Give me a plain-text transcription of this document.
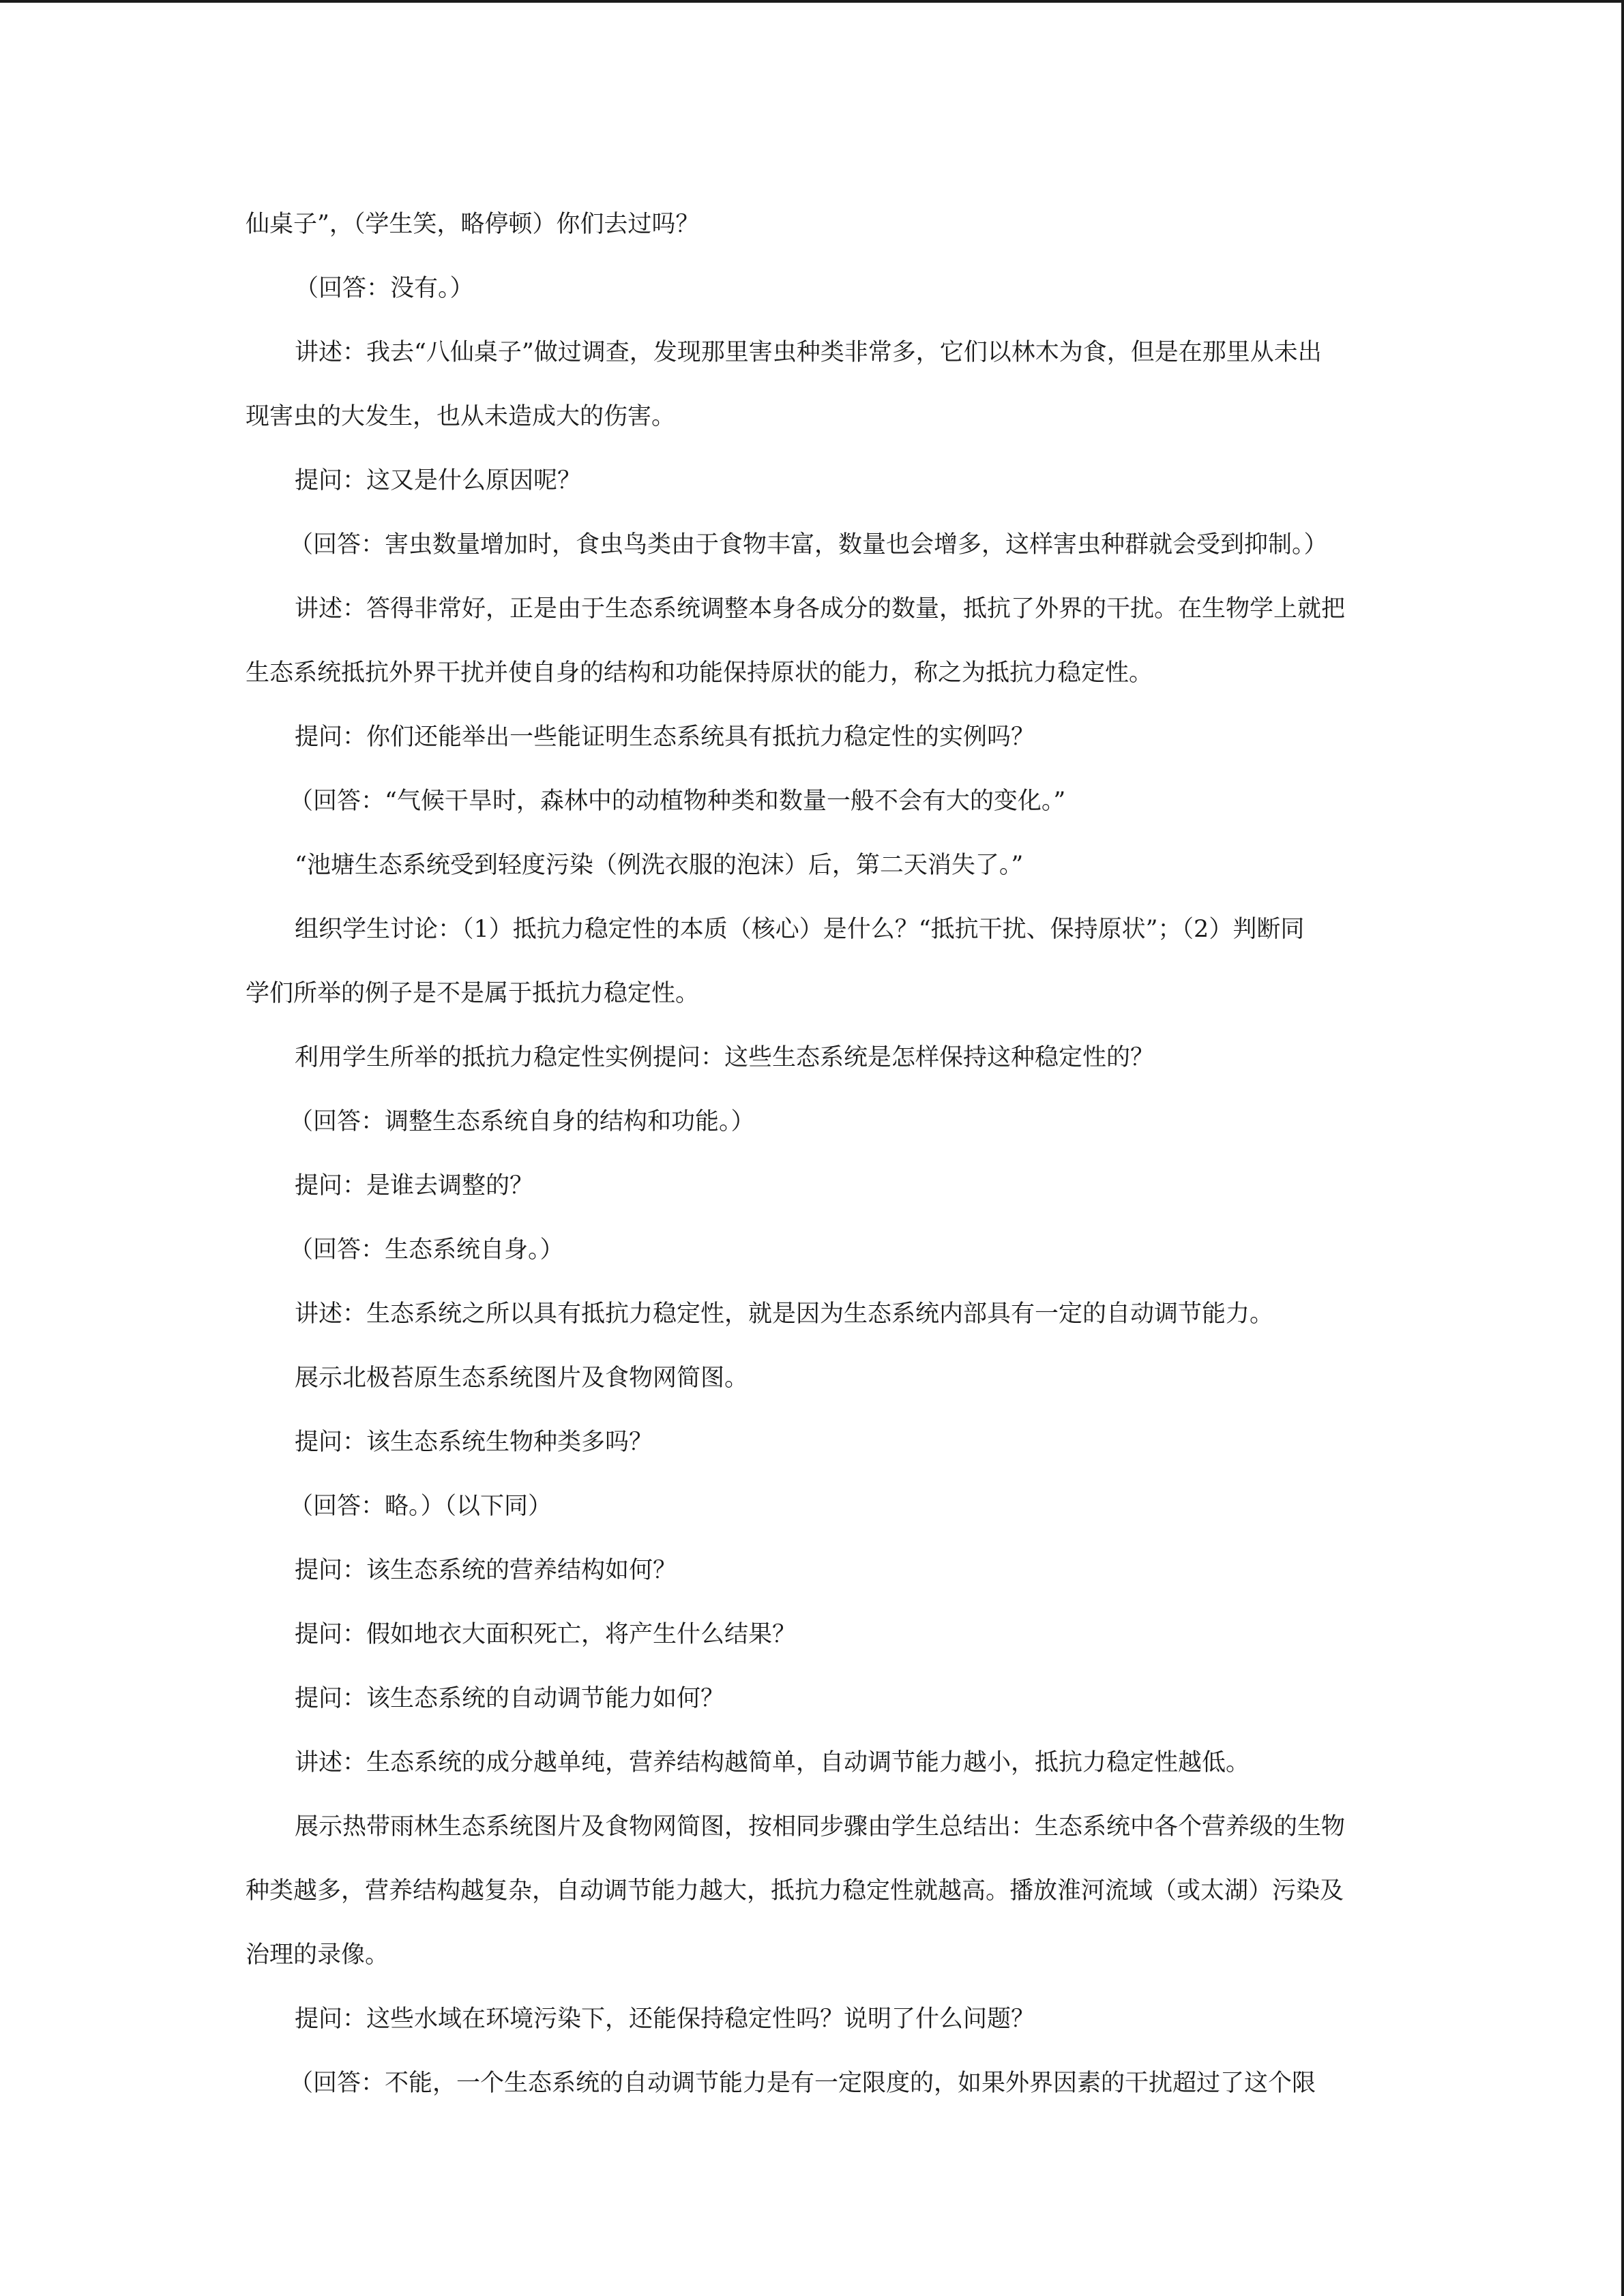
仙桌子”，（学生笑，略停顿）你们去过吗？

（回答：没有。）

讲述：我去“八仙桌子”做过调查，发现那里害虫种类非常多，它们以林木为食，但是在那里从未出

现害虫的大发生，也从未造成大的伤害。

提问：这又是什么原因呢？

（回答：害虫数量增加时，食虫鸟类由于食物丰富，数量也会增多，这样害虫种群就会受到抑制。）

讲述：答得非常好，正是由于生态系统调整本身各成分的数量，抵抗了外界的干扰。在生物学上就把

生态系统抵抗外界干扰并使自身的结构和功能保持原状的能力，称之为抵抗力稳定性。

提问：你们还能举出一些能证明生态系统具有抵抗力稳定性的实例吗？

（回答：“气候干旱时，森林中的动植物种类和数量一般不会有大的变化。”

“池塘生态系统受到轻度污染（例洗衣服的泡沫）后，第二天消失了。”

组织学生讨论：（1）抵抗力稳定性的本质（核心）是什么？“抵抗干扰、保持原状”；（2）判断同

学们所举的例子是不是属于抵抗力稳定性。

利用学生所举的抵抗力稳定性实例提问：这些生态系统是怎样保持这种稳定性的？

（回答：调整生态系统自身的结构和功能。）

提问：是谁去调整的？

（回答：生态系统自身。）

讲述：生态系统之所以具有抵抗力稳定性，就是因为生态系统内部具有一定的自动调节能力。

展示北极苔原生态系统图片及食物网简图。

提问：该生态系统生物种类多吗？

（回答：略。）（以下同）

提问：该生态系统的营养结构如何？

提问：假如地衣大面积死亡，将产生什么结果？

提问：该生态系统的自动调节能力如何？

讲述：生态系统的成分越单纯，营养结构越简单，自动调节能力越小，抵抗力稳定性越低。

展示热带雨林生态系统图片及食物网简图，按相同步骤由学生总结出：生态系统中各个营养级的生物

种类越多，营养结构越复杂，自动调节能力越大，抵抗力稳定性就越高。播放淮河流域（或太湖）污染及

治理的录像。

提问：这些水域在环境污染下，还能保持稳定性吗？说明了什么问题？

（回答：不能，一个生态系统的自动调节能力是有一定限度的，如果外界因素的干扰超过了这个限
